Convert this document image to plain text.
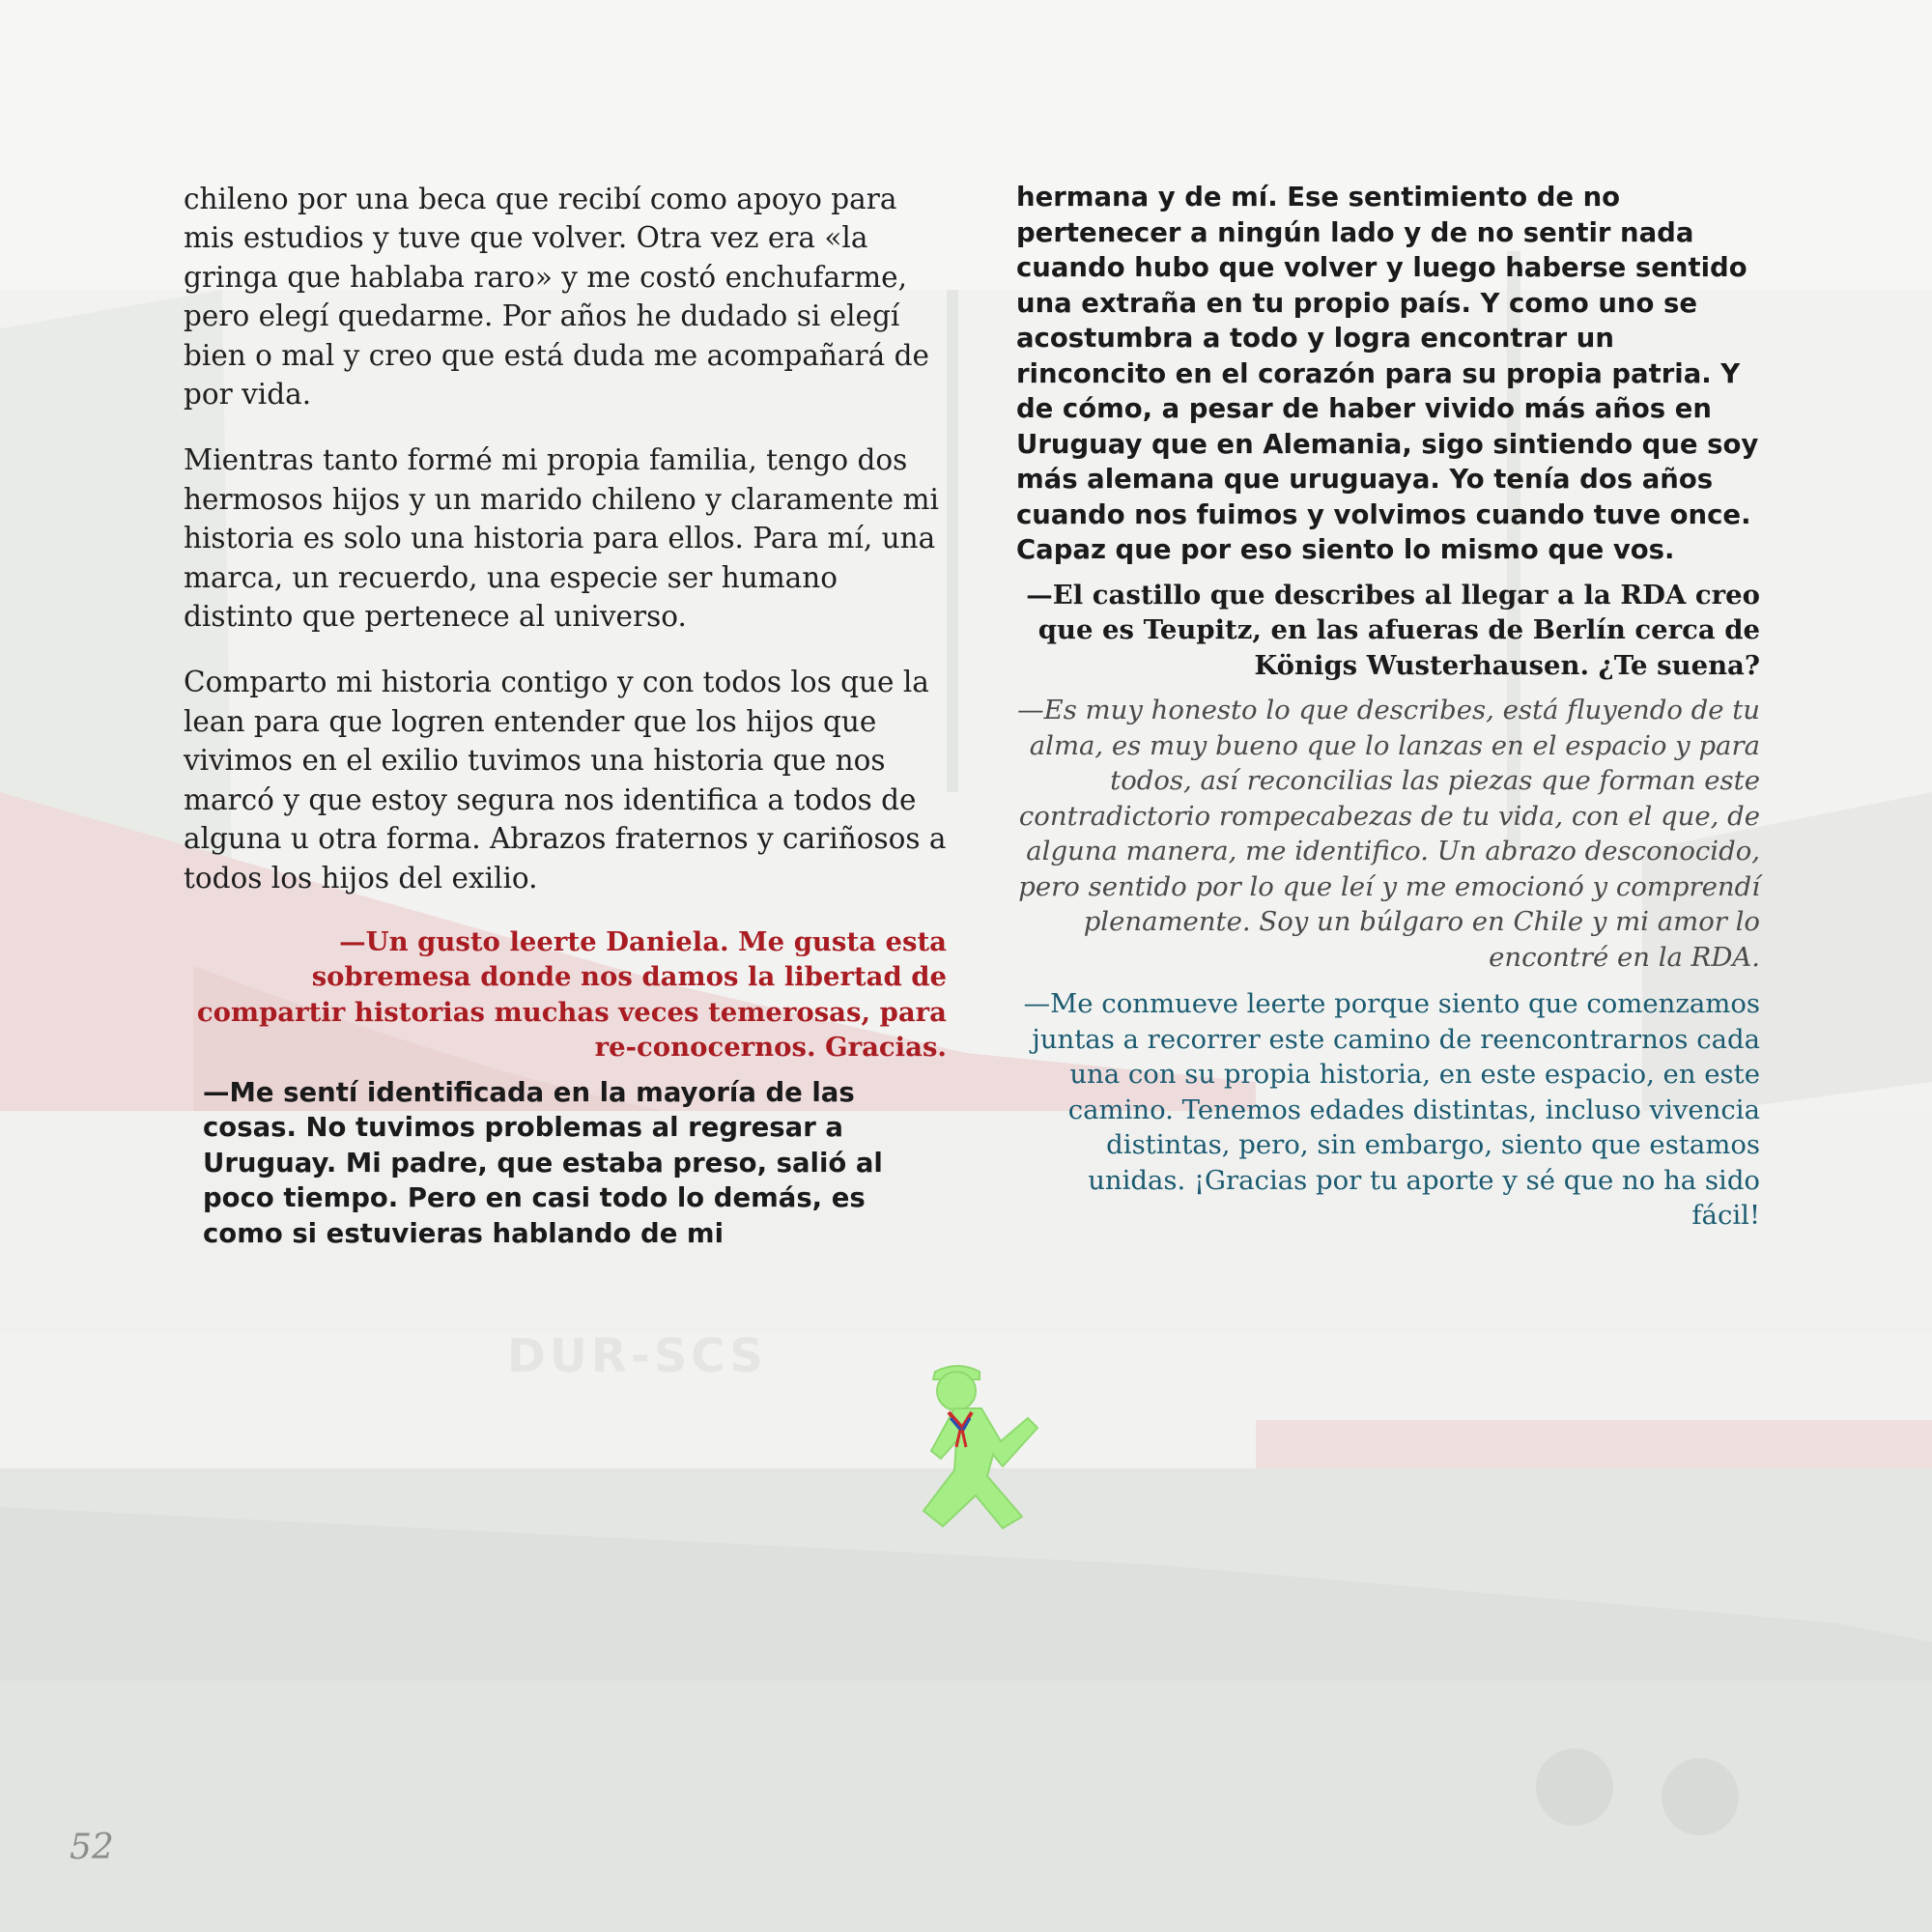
DUR-SCS

chileno por una beca que recibí como apoyo para mis estudios y tuve que volver. Otra vez era «la gringa que hablaba raro» y me costó enchufarme, pero elegí quedarme. Por años he dudado si elegí bien o mal y creo que está duda me acompañará de por vida.

Mientras tanto formé mi propia familia, tengo dos hermosos hijos y un marido chileno y claramente mi historia es solo una historia para ellos. Para mí, una marca, un recuerdo, una especie ser humano distinto que pertenece al universo.

Comparto mi historia contigo y con todos los que la lean para que logren entender que los hijos que vivimos en el exilio tuvimos una historia que nos marcó y que estoy segura nos identifica a todos de alguna u otra forma. Abrazos fraternos y cariñosos a todos los hijos del exilio.

—Un gusto leerte Daniela. Me gusta esta sobremesa donde nos damos la libertad de compartir historias muchas veces temerosas, para re-conocernos. Gracias.

—Me sentí identificada en la mayoría de las cosas. No tuvimos problemas al regresar a Uruguay. Mi padre, que estaba preso, salió al poco tiempo. Pero en casi todo lo demás, es como si estuvieras hablando de mi

hermana y de mí. Ese sentimiento de no pertenecer a ningún lado y de no sentir nada cuando hubo que volver y luego haberse sentido una extraña en tu propio país. Y como uno se acostumbra a todo y logra encontrar un rinconcito en el corazón para su propia patria. Y de cómo, a pesar de haber vivido más años en Uruguay que en Alemania, sigo sintiendo que soy más alemana que uruguaya. Yo tenía dos años cuando nos fuimos y volvimos cuando tuve once. Capaz que por eso siento lo mismo que vos.

—El castillo que describes al llegar a la RDA creo que es Teupitz, en las afueras de Berlín cerca de Königs Wusterhausen. ¿Te suena?

—Es muy honesto lo que describes, está fluyendo de tu alma, es muy bueno que lo lanzas en el espacio y para todos, así reconcilias las piezas que forman este contradictorio rompecabezas de tu vida, con el que, de alguna manera, me identifico. Un abrazo desconocido, pero sentido por lo que leí y me emocionó y comprendí plenamente. Soy un búlgaro en Chile y mi amor lo encontré en la RDA.

—Me conmueve leerte porque siento que comenzamos juntas a recorrer este camino de reencontrarnos cada una con su propia historia, en este espacio, en este camino. Tenemos edades distintas, incluso vivencia distintas, pero, sin embargo, siento que estamos unidas. ¡Gracias por tu aporte y sé que no ha sido fácil!

52
